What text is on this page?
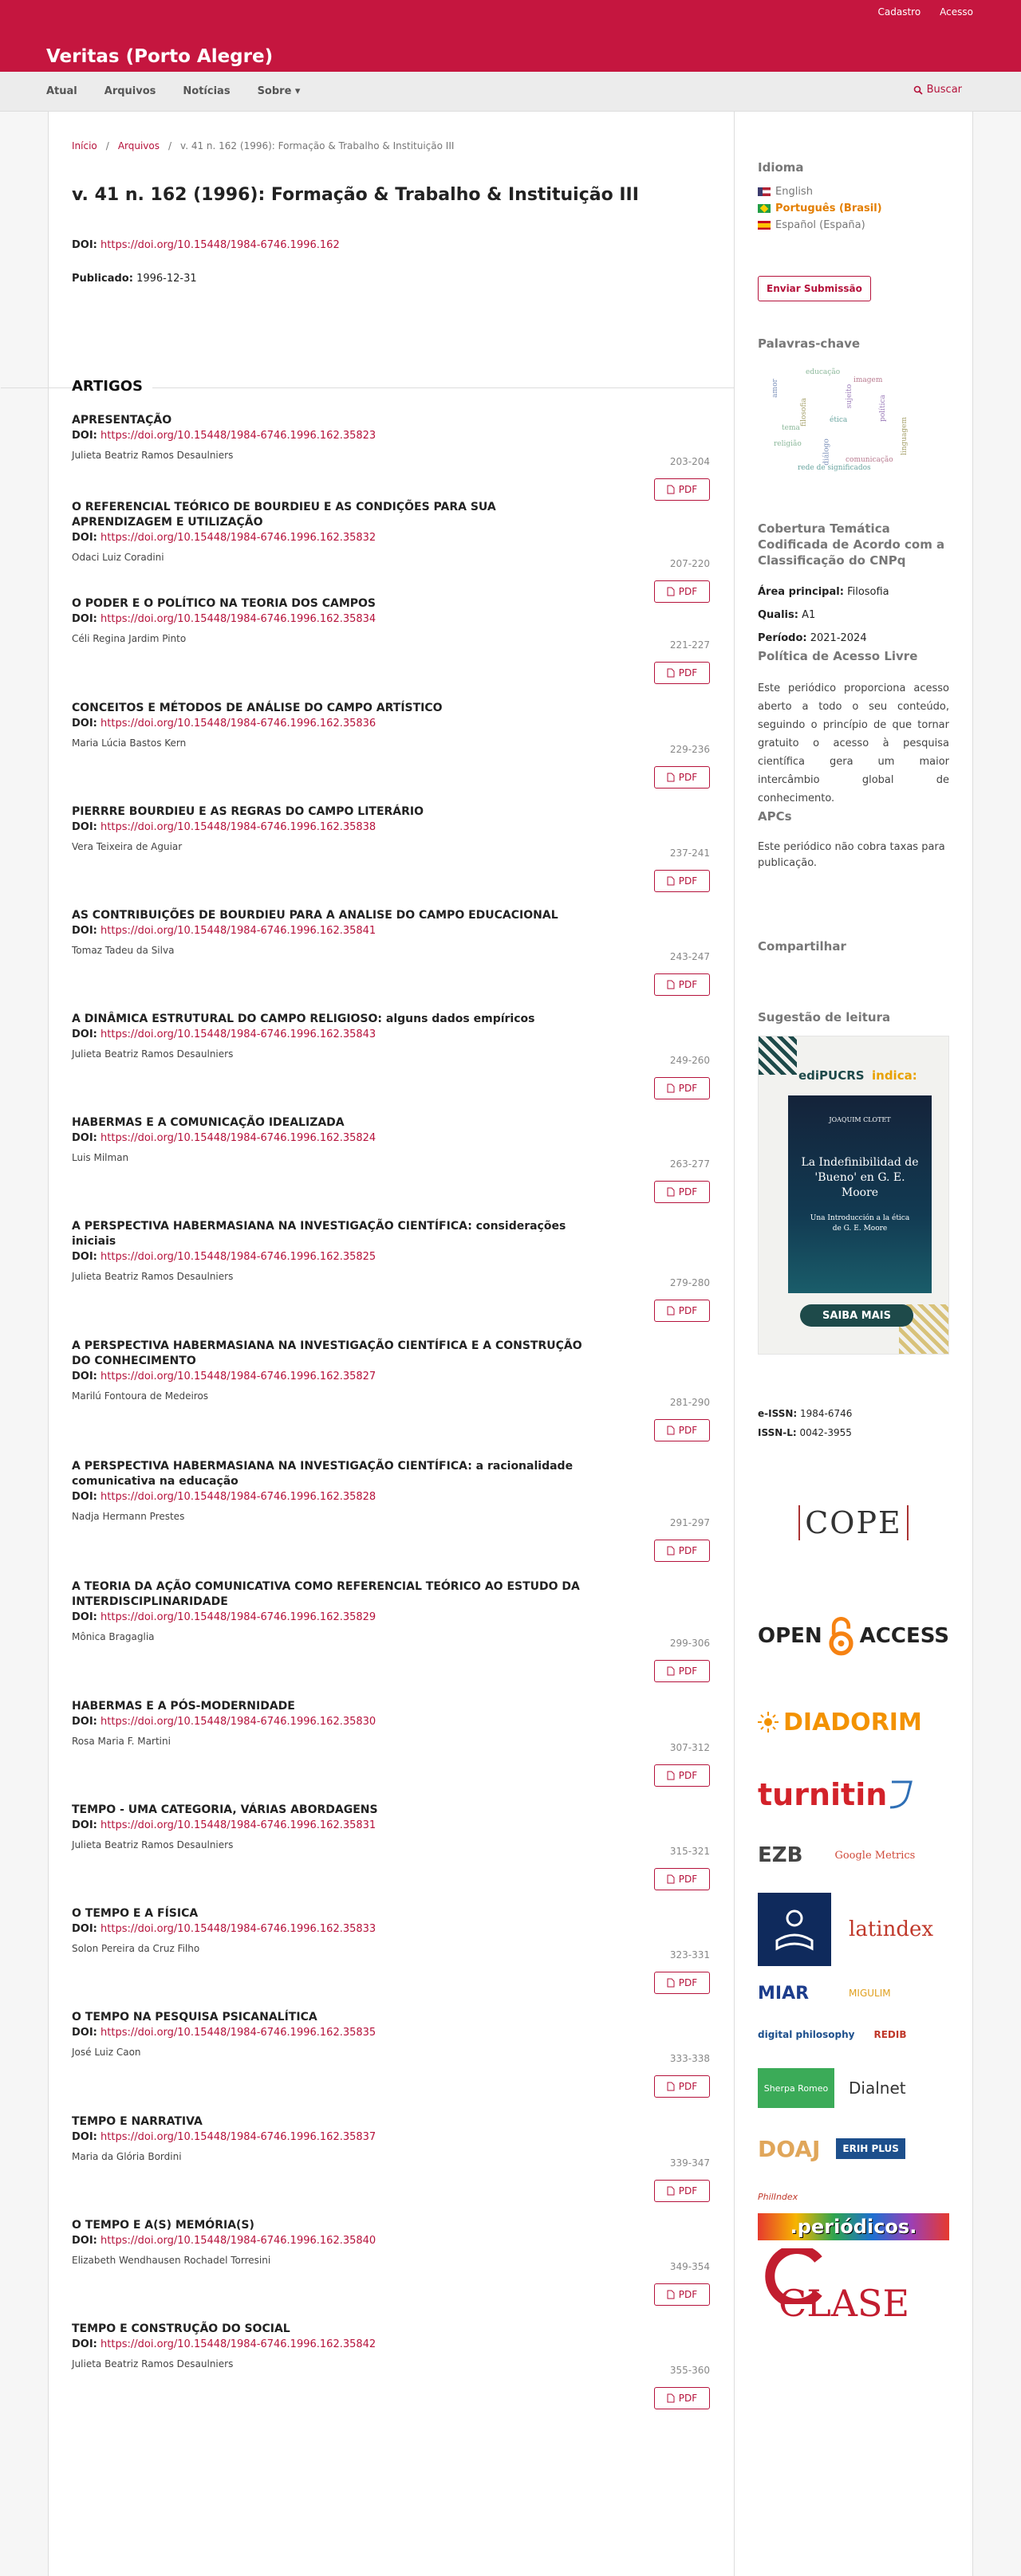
Cadastro Acesso
Veritas (Porto Alegre)
Atual	Arquivos	Notícias	Sobre ▾	Buscar
Início / Arquivos / v. 41 n. 162 (1996): Formação & Trabalho & Instituição III
v. 41 n. 162 (1996): Formação & Trabalho & Instituição III
DOI: https://doi.org/10.15448/1984-6746.1996.162
Publicado: 1996-12-31
ARTIGOS
APRESENTAÇÃO
DOI: https://doi.org/10.15448/1984-6746.1996.162.35823
Julieta Beatriz Ramos Desaulniers
203-204
PDF
O REFERENCIAL TEÓRICO DE BOURDIEU E AS CONDIÇÕES PARA SUA APRENDIZAGEM E UTILIZAÇÃO
DOI: https://doi.org/10.15448/1984-6746.1996.162.35832
Odaci Luiz Coradini
207-220
PDF
O PODER E O POLÍTICO NA TEORIA DOS CAMPOS
DOI: https://doi.org/10.15448/1984-6746.1996.162.35834
Céli Regina Jardim Pinto
221-227
PDF
CONCEITOS E MÉTODOS DE ANÁLISE DO CAMPO ARTÍSTICO
DOI: https://doi.org/10.15448/1984-6746.1996.162.35836
Maria Lúcia Bastos Kern
229-236
PDF
PIERRRE BOURDIEU E AS REGRAS DO CAMPO LITERÁRIO
DOI: https://doi.org/10.15448/1984-6746.1996.162.35838
Vera Teixeira de Aguiar
237-241
PDF
AS CONTRIBUIÇÕES DE BOURDIEU PARA A ANALISE DO CAMPO EDUCACIONAL
DOI: https://doi.org/10.15448/1984-6746.1996.162.35841
Tomaz Tadeu da Silva
243-247
PDF
A DINÂMICA ESTRUTURAL DO CAMPO RELIGIOSO: alguns dados empíricos
DOI: https://doi.org/10.15448/1984-6746.1996.162.35843
Julieta Beatriz Ramos Desaulniers
249-260
PDF
HABERMAS E A COMUNICAÇÃO IDEALIZADA
DOI: https://doi.org/10.15448/1984-6746.1996.162.35824
Luis Milman
263-277
PDF
A PERSPECTIVA HABERMASIANA NA INVESTIGAÇÃO CIENTÍFICA: considerações iniciais
DOI: https://doi.org/10.15448/1984-6746.1996.162.35825
Julieta Beatriz Ramos Desaulniers
279-280
PDF
A PERSPECTIVA HABERMASIANA NA INVESTIGAÇÃO CIENTÍFICA E A CONSTRUÇÃO DO CONHECIMENTO
DOI: https://doi.org/10.15448/1984-6746.1996.162.35827
Marilú Fontoura de Medeiros
281-290
PDF
A PERSPECTIVA HABERMASIANA NA INVESTIGAÇÃO CIENTÍFICA: a racionalidade comunicativa na educação
DOI: https://doi.org/10.15448/1984-6746.1996.162.35828
Nadja Hermann Prestes
291-297
PDF
A TEORIA DA AÇÃO COMUNICATIVA COMO REFERENCIAL TEÓRICO AO ESTUDO DA INTERDISCIPLINARIDADE
DOI: https://doi.org/10.15448/1984-6746.1996.162.35829
Mônica Bragaglia
299-306
PDF
HABERMAS E A PÓS-MODERNIDADE
DOI: https://doi.org/10.15448/1984-6746.1996.162.35830
Rosa Maria F. Martini
307-312
PDF
TEMPO - UMA CATEGORIA, VÁRIAS ABORDAGENS
DOI: https://doi.org/10.15448/1984-6746.1996.162.35831
Julieta Beatriz Ramos Desaulniers
315-321
PDF
O TEMPO E A FÍSICA
DOI: https://doi.org/10.15448/1984-6746.1996.162.35833
Solon Pereira da Cruz Filho
323-331
PDF
O TEMPO NA PESQUISA PSICANALÍTICA
DOI: https://doi.org/10.15448/1984-6746.1996.162.35835
José Luiz Caon
333-338
PDF
TEMPO E NARRATIVA
DOI: https://doi.org/10.15448/1984-6746.1996.162.35837
Maria da Glória Bordini
339-347
PDF
O TEMPO E A(S) MEMÓRIA(S)
DOI: https://doi.org/10.15448/1984-6746.1996.162.35840
Elizabeth Wendhausen Rochadel Torresini
349-354
PDF
TEMPO E CONSTRUÇÃO DO SOCIAL
DOI: https://doi.org/10.15448/1984-6746.1996.162.35842
Julieta Beatriz Ramos Desaulniers
355-360
PDF
Idioma
English
Português (Brasil)
Español (España)
Enviar Submissão
Palavras-chave
educação
amor	imagem
filosofia	ética	política
religião	diálogo comunicação
linguagem
rede de significados
sujeito
tema
Cobertura Temática Codificada de Acordo com a Classificação do CNPq
Área principal: Filosofia
Qualis: A1
Período: 2021-2024
Política de Acesso Livre
Este periódico proporciona acesso aberto a todo o seu conteúdo, seguindo o princípio de que tornar gratuito o acesso à pesquisa científica gera um maior intercâmbio global de conhecimento.
APCs
Este periódico não cobra taxas para publicação.
Compartilhar
Sugestão de leitura
ediPUCRS indica:
JOAQUIM CLOTET
La Indefinibilidad de 'Bueno' en G. E. Moore
Una Introducción a la ética de G. E. Moore
SAIBA MAIS
e-ISSN: 1984-6746
ISSN-L: 0042-3955
COPE
OPEN ACCESS
DIADORIM
turnitin
EZB	Google Metrics
latindex
MIAR	MIGULIM
digital philosophy REDIB
Sherpa Romeo	Dialnet
DOAJ	ERIH PLUS
PhilIndex
.periódicos.
CLASE
